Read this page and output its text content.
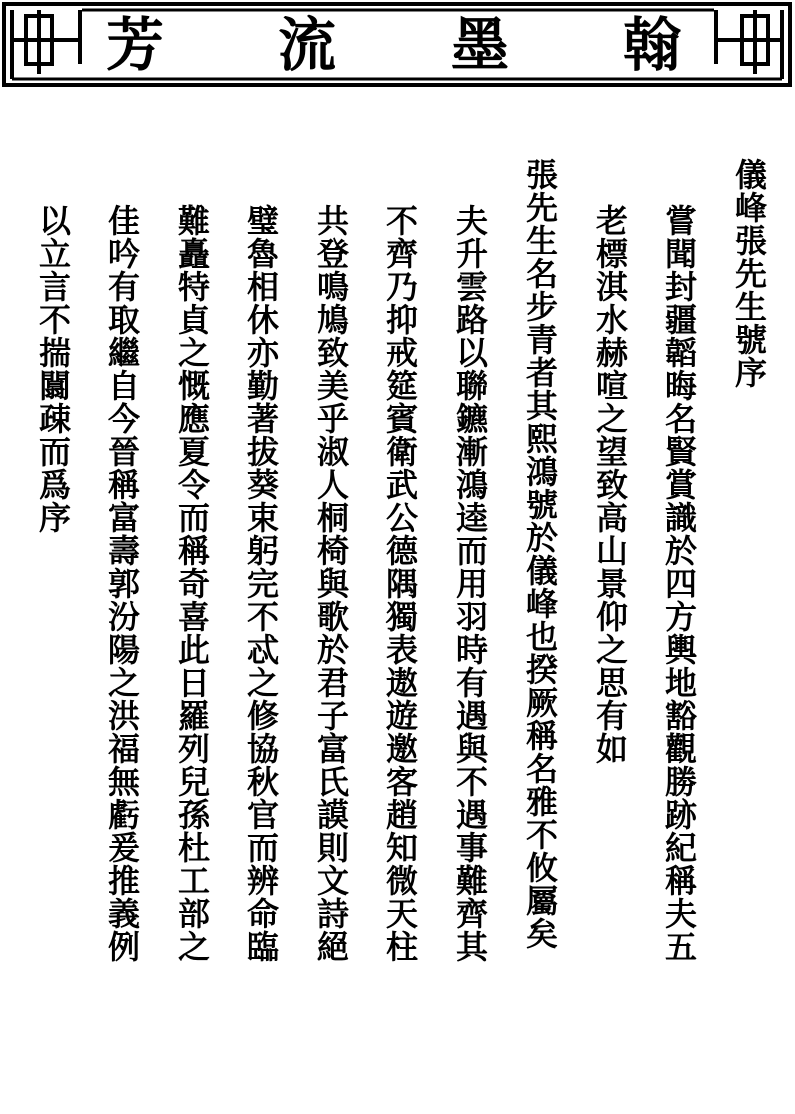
翰
墨
流
芳
儀峰張先生號序
嘗聞封疆韜晦名賢賞識於四方輿地豁觀勝跡紀稱夫五
老標淇水赫喧之望致高山景仰之思有如
張先生名步青者其熙鴻號於儀峰也揆厥稱名雅不攸屬矣
夫升雲路以聯鑣漸鴻逵而用羽時有遇與不遇事難齊其
不齊乃抑戒筵賓衛武公德隅獨表遨遊邀客趙知微天柱
共登鳴鳩致美乎淑人桐椅與歌於君子富氏謨則文詩絕
璧魯相休亦勤著拔葵束躬完不忒之修協秋官而辨命臨
難矗特貞之慨應夏令而稱奇喜此日羅列兒孫杜工部之
佳吟有取繼自今晉稱富壽郭汾陽之洪福無虧爰推義例
以立言不揣闒疎而爲序
